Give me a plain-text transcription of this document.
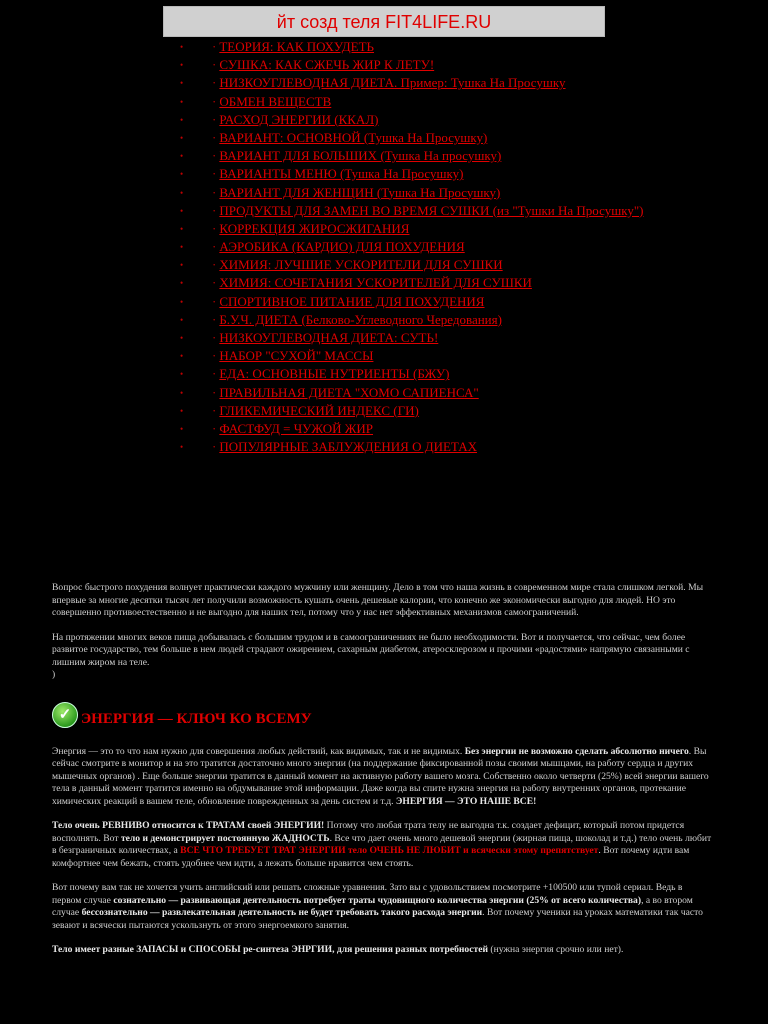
йт созд теля FIT4LIFE.RU
• · ТЕОРИЯ: КАК ПОХУДЕТЬ
• · СУШКА: КАК СЖЕЧЬ ЖИР К ЛЕТУ!
• · НИЗКОУГЛЕВОДНАЯ ДИЕТА. Пример: Тушка На Просушку
• · ОБМЕН ВЕЩЕСТВ
• · РАСХОД ЭНЕРГИИ (ККАЛ)
• · ВАРИАНТ: ОСНОВНОЙ (Тушка На Просушку)
• · ВАРИАНТ ДЛЯ БОЛЬШИХ (Тушка На просушку)
• · ВАРИАНТЫ МЕНЮ (Тушка На Просушку)
• · ВАРИАНТ ДЛЯ ЖЕНЩИН (Тушка На Просушку)
• · ПРОДУКТЫ ДЛЯ ЗАМЕН ВО ВРЕМЯ СУШКИ (из "Тушки На Просушку")
• · КОРРЕКЦИЯ ЖИРОСЖИГАНИЯ
• · АЭРОБИКА (КАРДИО) ДЛЯ ПОХУДЕНИЯ
• · ХИМИЯ: ЛУЧШИЕ УСКОРИТЕЛИ ДЛЯ СУШКИ
• · ХИМИЯ: СОЧЕТАНИЯ УСКОРИТЕЛЕЙ ДЛЯ СУШКИ
• · СПОРТИВНОЕ ПИТАНИЕ ДЛЯ ПОХУДЕНИЯ
• · Б.У.Ч. ДИЕТА (Белково-Углеводного Чередования)
• · НИЗКОУГЛЕВОДНАЯ ДИЕТА: СУТЬ!
• · НАБОР "СУХОЙ" МАССЫ
• · ЕДА: ОСНОВНЫЕ НУТРИЕНТЫ (БЖУ)
• · ПРАВИЛЬНАЯ ДИЕТА "ХОМО САПИЕНСА"
• · ГЛИКЕМИЧЕСКИЙ ИНДЕКС (ГИ)
• · ФАСТФУД = ЧУЖОЙ ЖИР
• · ПОПУЛЯРНЫЕ ЗАБЛУЖДЕНИЯ О ДИЕТАХ

Вопрос быстрого похудения волнует практически каждого мужчину или женщину. Дело в том что наша жизнь в современном мире стала слишком легкой. Мы впервые за многие десятки тысяч лет получили возможность кушать очень дешевые калории, что конечно же экономически выгодно для людей. НО это совершенно противоестественно и не выгодно для наших тел, потому что у нас нет эффективных механизмов самоограничений.

На протяжении многих веков пища добывалась с большим трудом и в самоограничениях не было необходимости. Вот и получается, что сейчас, чем более развитое государство, тем больше в нем людей страдают ожирением, сахарным диабетом, атеросклерозом и прочими «радостями» напрямую связанными с лишним жиром на теле.
)

✓ ЭНЕРГИЯ — КЛЮЧ КО ВСЕМУ

Энергия — это то что нам нужно для совершения любых действий, как видимых, так и не видимых. Без энергии не возможно сделать абсолютно ничего. Вы сейчас смотрите в монитор и на это тратится достаточно много энергии (на поддержание фиксированной позы своими мышцами, на работу сердца и других мышечных органов) . Еще больше энергии тратится в данный момент на активную работу вашего мозга. Собственно около четверти (25%) всей энергии вашего тела в данный момент тратится именно на обдумывание этой информации. Даже когда вы спите нужна энергия на работу внутренних органов, протекание химических реакций в вашем теле, обновление поврежденных за день систем и т.д. ЭНЕРГИЯ — ЭТО НАШЕ ВСЕ!

Тело очень РЕВНИВО относится к ТРАТАМ своей ЭНЕРГИИ! Потому что любая трата телу не выгодна т.к. создает дефицит, который потом придется восполнять. Вот тело и демонстрирует постоянную ЖАДНОСТЬ. Все что дает очень много дешевой энергии (жирная пища, шоколад и т.д.) тело очень любит в безграничных количествах, а ВСЕ ЧТО ТРЕБУЕТ ТРАТ ЭНЕРГИИ тело ОЧЕНЬ НЕ ЛЮБИТ и всячески этому препятствует. Вот почему идти вам комфортнее чем бежать, стоять удобнее чем идти, а лежать больше нравится чем стоять.

Вот почему вам так не хочется учить английский или решать сложные уравнения. Зато вы с удовольствием посмотрите +100500 или тупой сериал. Ведь в первом случае сознательно — развивающая деятельность потребует траты чудовищного количества энергии (25% от всего количества), а во втором случае бессознательно — развлекательная деятельность не будет требовать такого расхода энергии. Вот почему ученики на уроках математики так часто зевают и всячески пытаются ускользнуть от этого энергоемкого занятия.

Тело имеет разные ЗАПАСЫ и СПОСОБЫ ре-синтеза ЭНРГИИ, для решения разных потребностей (нужна энергия срочно или нет).
